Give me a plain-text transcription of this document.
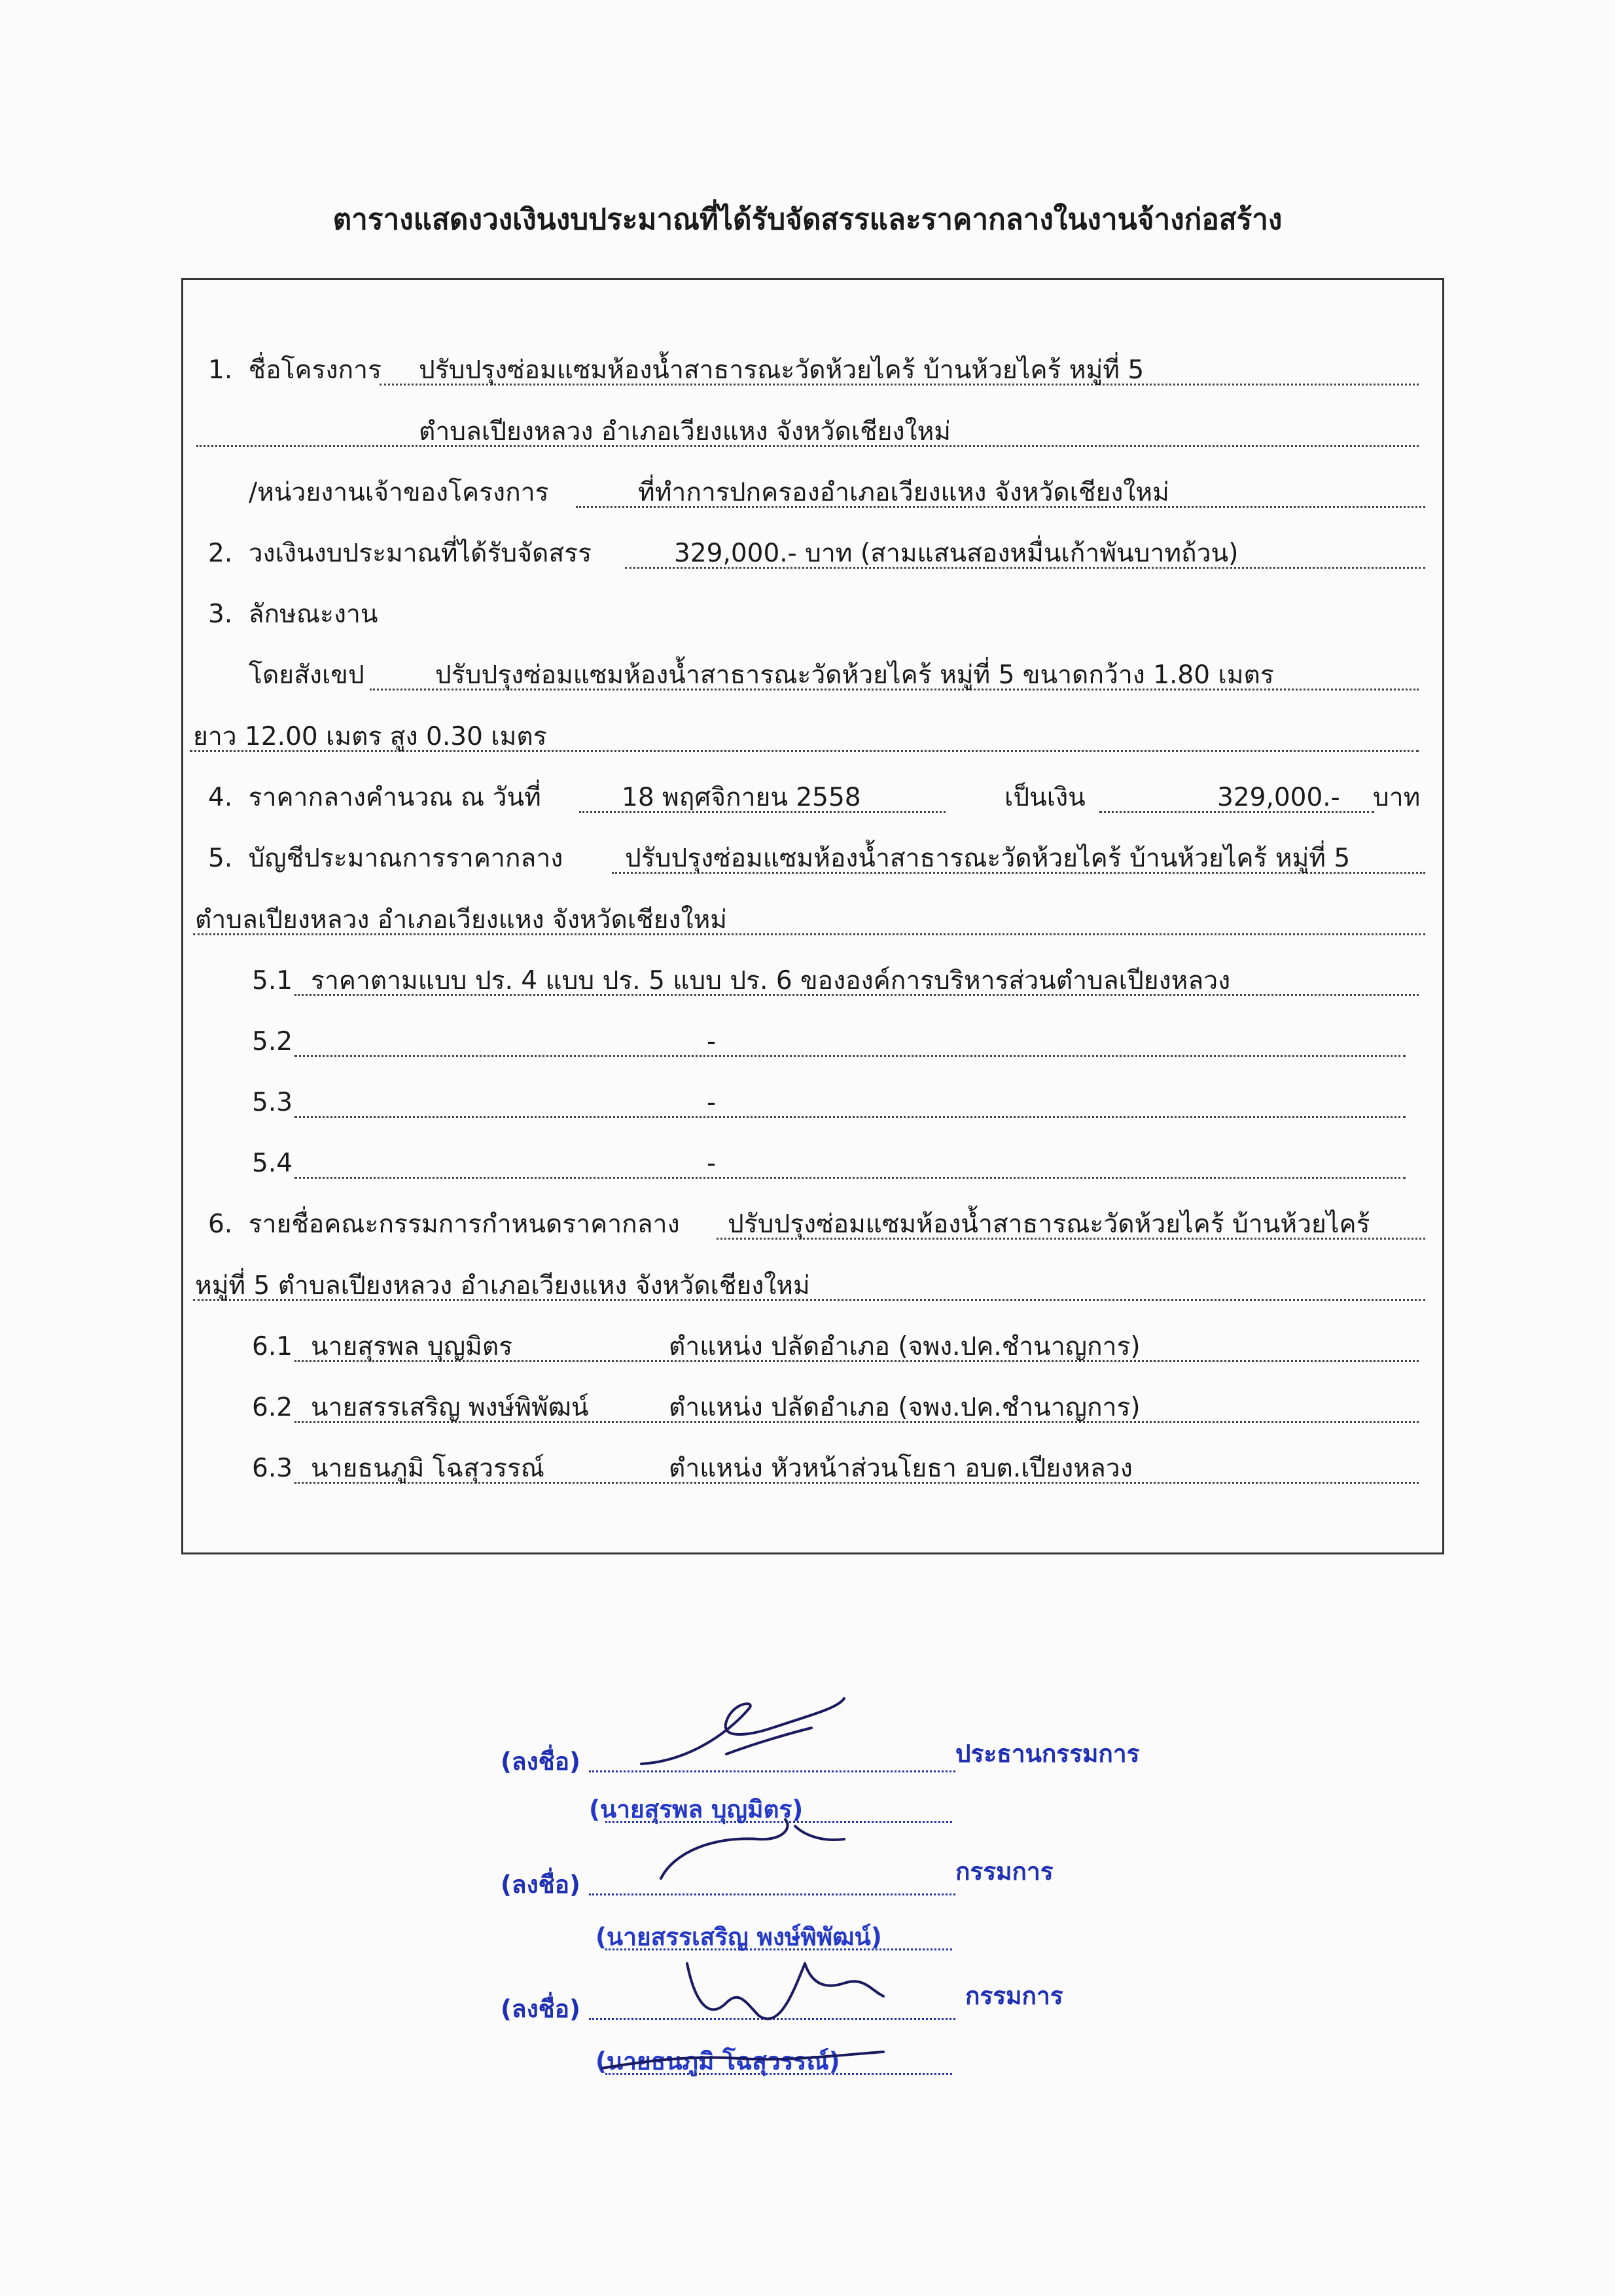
ตารางแสดงวงเงินงบประมาณที่ได้รับจัดสรรและราคากลางในงานจ้างก่อสร้าง
1. ชื่อโครงการ ปรับปรุงซ่อมแซมห้องน้ำสาธารณะวัดห้วยไคร้ บ้านห้วยไคร้ หมู่ที่ 5
ตำบลเปียงหลวง อำเภอเวียงแหง จังหวัดเชียงใหม่
/หน่วยงานเจ้าของโครงการ	ที่ทำการปกครองอำเภอเวียงแหง จังหวัดเชียงใหม่
2. วงเงินงบประมาณที่ได้รับจัดสรร	329,000.- บาท (สามแสนสองหมื่นเก้าพันบาทถ้วน)
3. ลักษณะงาน
โดยสังเขป	ปรับปรุงซ่อมแซมห้องน้ำสาธารณะวัดห้วยไคร้ หมู่ที่ 5 ขนาดกว้าง 1.80 เมตร
ยาว 12.00 เมตร สูง 0.30 เมตร
4. ราคากลางคำนวณ ณ วันที่	18 พฤศจิกายน 2558	เป็นเงิน	329,000.- บาท
5. บัญชีประมาณการราคากลาง ปรับปรุงซ่อมแซมห้องน้ำสาธารณะวัดห้วยไคร้ บ้านห้วยไคร้ หมู่ที่ 5
ตำบลเปียงหลวง อำเภอเวียงแหง จังหวัดเชียงใหม่
5.1 ราคาตามแบบ ปร. 4 แบบ ปร. 5 แบบ ปร. 6 ขององค์การบริหารส่วนตำบลเปียงหลวง
5.2	-
5.3	-
5.4	-
6. รายชื่อคณะกรรมการกำหนดราคากลาง ปรับปรุงซ่อมแซมห้องน้ำสาธารณะวัดห้วยไคร้ บ้านห้วยไคร้
หมู่ที่ 5 ตำบลเปียงหลวง อำเภอเวียงแหง จังหวัดเชียงใหม่
6.1 นายสุรพล บุญมิตร	ตำแหน่ง ปลัดอำเภอ (จพง.ปค.ชำนาญการ)
6.2 นายสรรเสริญ พงษ์พิพัฒน์	ตำแหน่ง ปลัดอำเภอ (จพง.ปค.ชำนาญการ)
6.3 นายธนภูมิ โฉสุวรรณ์	ตำแหน่ง หัวหน้าส่วนโยธา อบต.เปียงหลวง
(ลงชื่อ)	ประธานกรรมการ
(นายสุรพล บุญมิตร)
(ลงชื่อ)	กรรมการ
(นายสรรเสริญ พงษ์พิพัฒน์)
(ลงชื่อ)	กรรมการ
(นายธนภูมิ โฉสุวรรณ์)
